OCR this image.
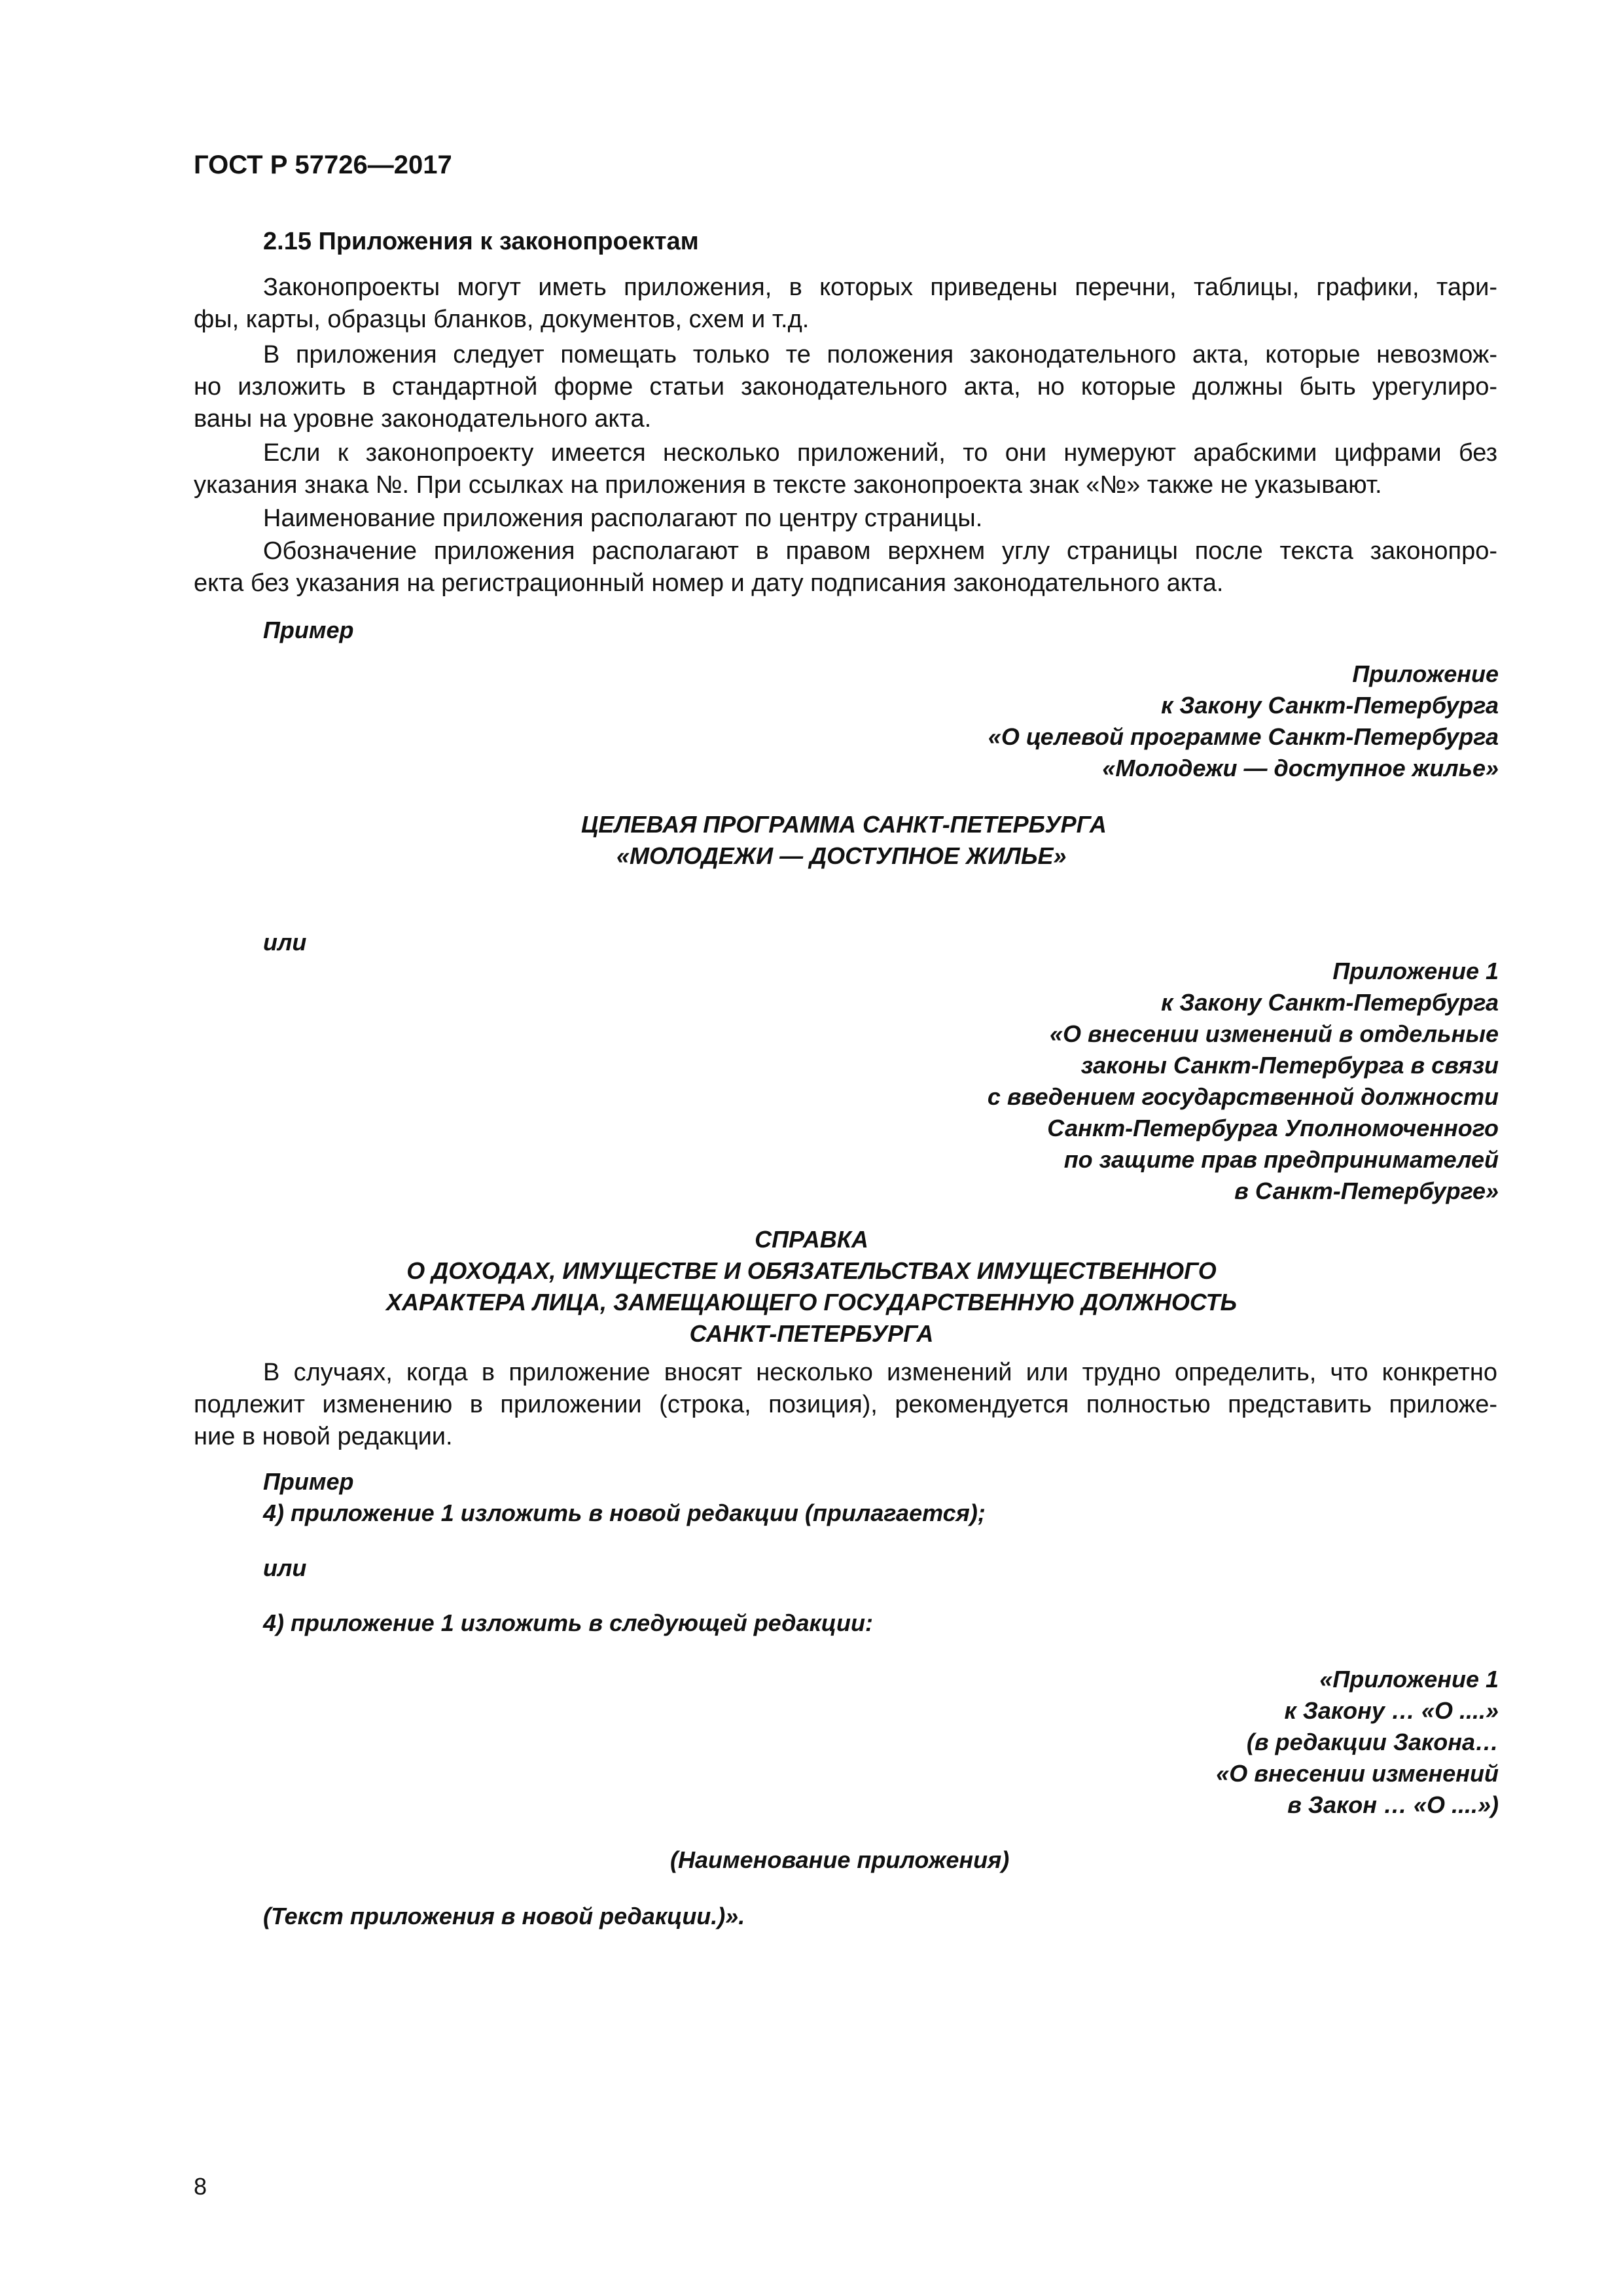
ГОСТ Р 57726—2017

2.15 Приложения к законопроектам

Законопроекты могут иметь приложения, в которых приведены перечни, таблицы, графики, тари-

фы, карты, образцы бланков, документов, схем и т.д.

В приложения следует помещать только те положения законодательного акта, которые невозмож-

но изложить в стандартной форме статьи законодательного акта, но которые должны быть урегулиро-

ваны на уровне законодательного акта.

Если к законопроекту имеется несколько приложений, то они нумеруют арабскими цифрами без

указания знака №. При ссылках на приложения в тексте законопроекта знак «№» также не указывают.

Наименование приложения располагают по центру страницы.

Обозначение приложения располагают в правом верхнем углу страницы после текста законопро-

екта без указания на регистрационный номер и дату подписания законодательного акта.

Пример

Приложение

к Закону Санкт-Петербурга

«О целевой программе Санкт-Петербурга

«Молодежи — доступное жилье»

ЦЕЛЕВАЯ ПРОГРАММА САНКТ-ПЕТЕРБУРГА

«МОЛОДЕЖИ — ДОСТУПНОЕ ЖИЛЬЕ»

или

Приложение 1

к Закону Санкт-Петербурга

«О внесении изменений в отдельные

законы Санкт-Петербурга в связи

с введением государственной должности

Санкт-Петербурга Уполномоченного

по защите прав предпринимателей

в Санкт-Петербурге»

СПРАВКА

О ДОХОДАХ, ИМУЩЕСТВЕ И ОБЯЗАТЕЛЬСТВАХ ИМУЩЕСТВЕННОГО

ХАРАКТЕРА ЛИЦА, ЗАМЕЩАЮЩЕГО ГОСУДАРСТВЕННУЮ ДОЛЖНОСТЬ

САНКТ-ПЕТЕРБУРГА

В случаях, когда в приложение вносят несколько изменений или трудно определить, что конкретно

подлежит изменению в приложении (строка, позиция), рекомендуется полностью представить приложе-

ние в новой редакции.

Пример

4) приложение 1 изложить в новой редакции (прилагается);

или

4) приложение 1 изложить в следующей редакции:

«Приложение 1

к Закону … «О ....»

(в редакции Закона…

«О внесении изменений

в Закон … «О ....»)

(Наименование приложения)

(Текст приложения в новой редакции.)».

8
